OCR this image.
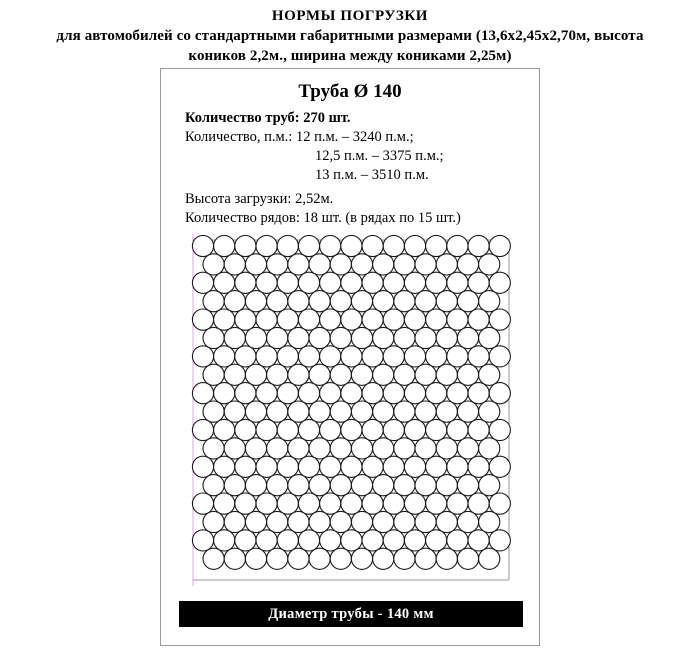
НОРМЫ ПОГРУЗКИ
для автомобилей со стандартными габаритными размерами (13,6х2,45х2,70м, высота
коников 2,2м., ширина между кониками 2,25м)
Труба Ø 140
Количество труб: 270 шт.
Количество, п.м.: 12 п.м. – 3240 п.м.;
12,5 п.м. – 3375 п.м.;
13 п.м. – 3510 п.м.
Высота загрузки: 2,52м.
Количество рядов: 18 шт. (в рядах по 15 шт.)
Диаметр трубы - 140 мм
